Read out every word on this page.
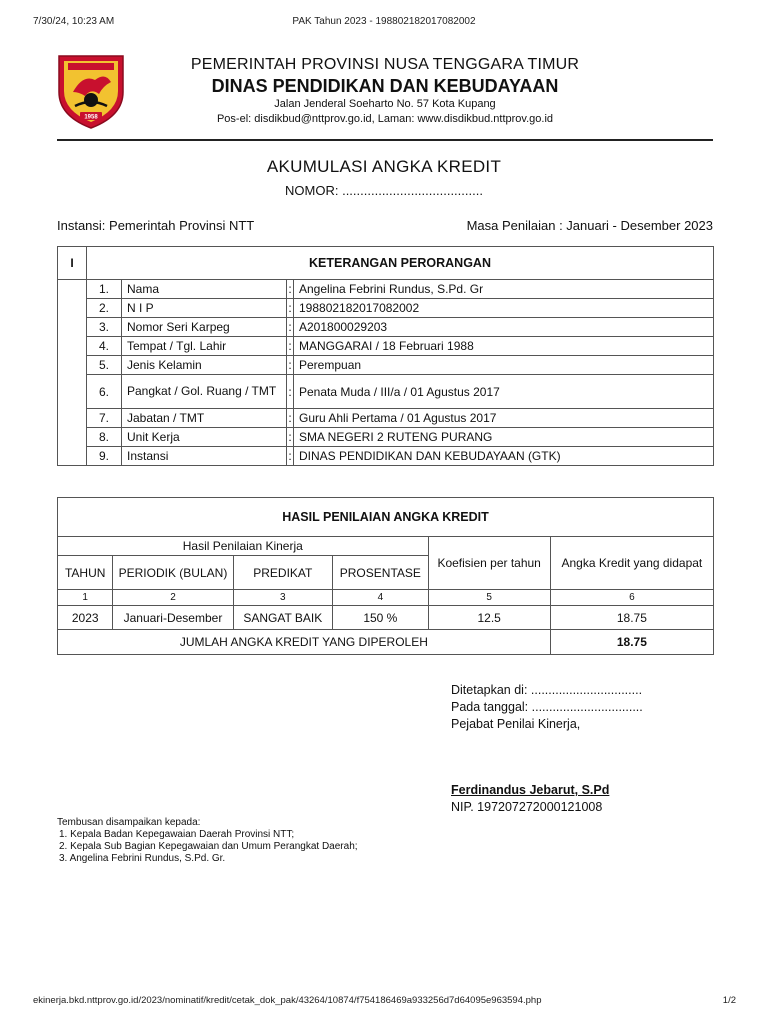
7/30/24, 10:23 AM	PAK Tahun 2023 - 198802182017082002
1958
PEMERINTAH PROVINSI NUSA TENGGARA TIMUR
DINAS PENDIDIKAN DAN KEBUDAYAAN
Jalan Jenderal Soeharto No. 57 Kota Kupang
Pos-el: disdikbud@nttprov.go.id, Laman: www.disdikbud.nttprov.go.id
AKUMULASI ANGKA KREDIT
NOMOR: .......................................
Instansi: Pemerintah Provinsi NTT	Masa Penilaian : Januari - Desember 2023
I	KETERANGAN PERORANGAN			
	1.	Nama	:	Angelina Febrini Rundus, S.Pd. Gr
	2.	N I P	:	198802182017082002
	3.	Nomor Seri Karpeg	:	A201800029203
	4.	Tempat / Tgl. Lahir	:	MANGGARAI / 18 Februari 1988
	5.	Jenis Kelamin	:	Perempuan
	6.	Pangkat / Gol. Ruang / TMT	:	Penata Muda / III/a / 01 Agustus 2017
	7.	Jabatan / TMT	:	Guru Ahli Pertama / 01 Agustus 2017
	8.	Unit Kerja	:	SMA NEGERI 2 RUTENG PURANG
	9.	Instansi	:	DINAS PENDIDIKAN DAN KEBUDAYAAN (GTK)
HASIL PENILAIAN ANGKA KREDIT					
Hasil Penilaian Kinerja				Koefisien per tahun	Angka Kredit yang didapat
TAHUN	PERIODIK (BULAN)	PREDIKAT	PROSENTASE		
1	2	3	4	5	6
2023	Januari-Desember	SANGAT BAIK	150 %	12.5	18.75
JUMLAH ANGKA KREDIT YANG DIPEROLEH					18.75
Ditetapkan di: ................................
Pada tanggal: ................................
Pejabat Penilai Kinerja,
Ferdinandus Jebarut, S.Pd
NIP. 197207272000121008
Tembusan disampaikan kepada:
1. Kepala Badan Kepegawaian Daerah Provinsi NTT;
2. Kepala Sub Bagian Kepegawaian dan Umum Perangkat Daerah;
3. Angelina Febrini Rundus, S.Pd. Gr.
ekinerja.bkd.nttprov.go.id/2023/nominatif/kredit/cetak_dok_pak/43264/10874/f754186469a933256d7d64095e963594.php	1/2
